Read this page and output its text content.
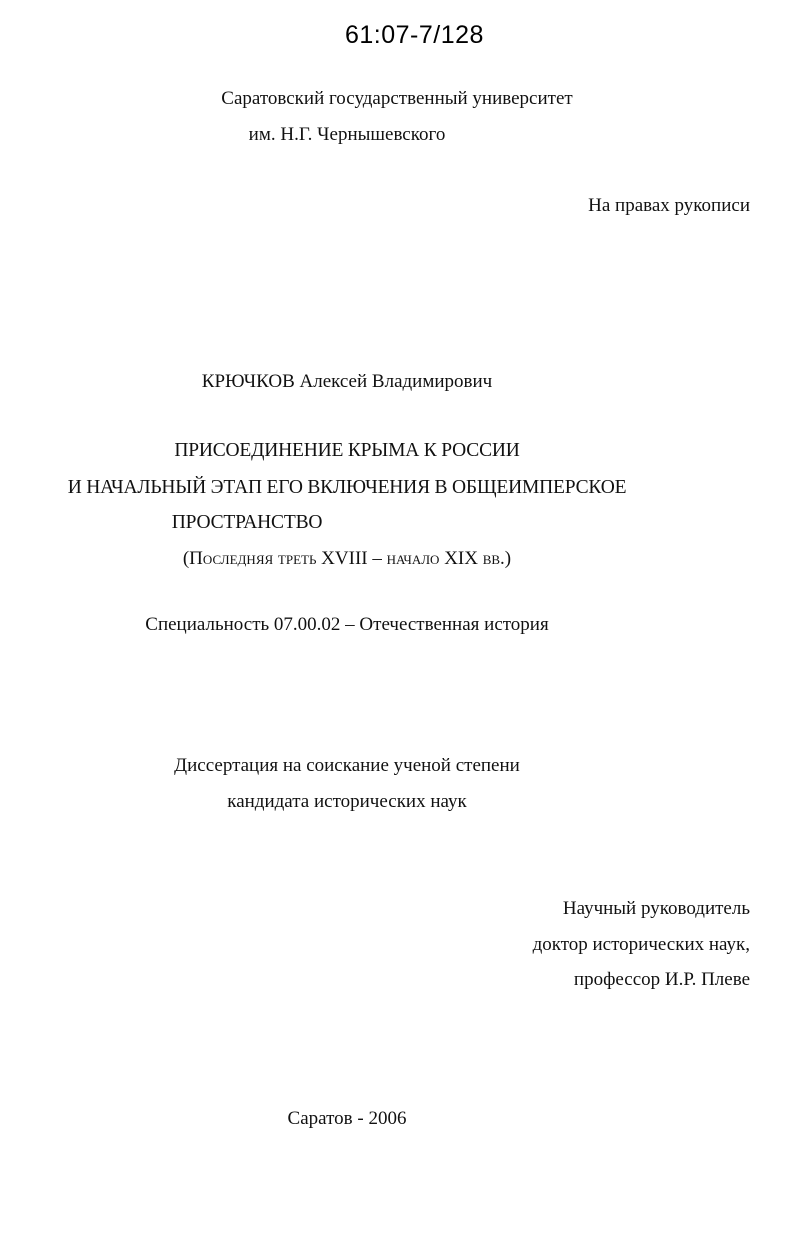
61:07-7/128
Саратовский государственный университет
им. Н.Г. Чернышевского
На правах рукописи
КРЮЧКОВ Алексей Владимирович
ПРИСОЕДИНЕНИЕ КРЫМА К РОССИИ
И НАЧАЛЬНЫЙ ЭТАП ЕГО ВКЛЮЧЕНИЯ В ОБЩЕИМПЕРСКОЕ
ПРОСТРАНСТВО
(Последняя треть XVIII – начало XIX вв.)
Специальность 07.00.02 – Отечественная история
Диссертация на соискание ученой степени
кандидата исторических наук
Научный руководитель
доктор исторических наук,
профессор И.Р. Плеве
Саратов - 2006
